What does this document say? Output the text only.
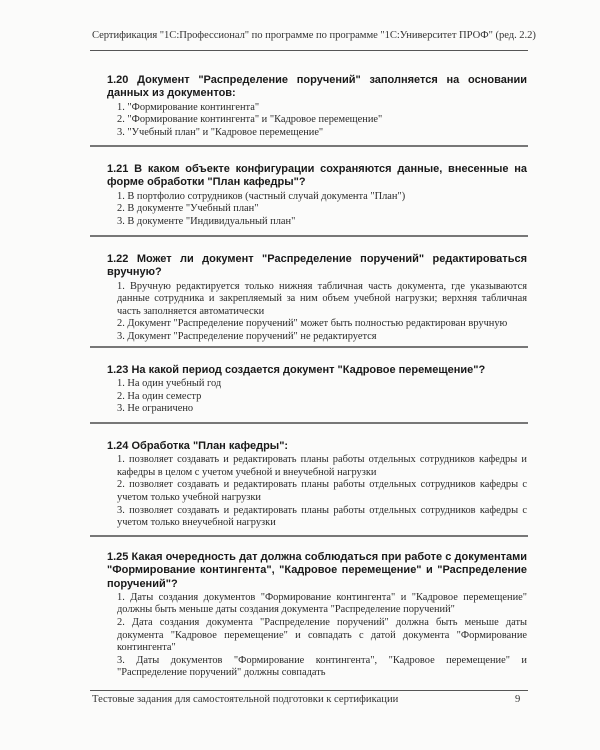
Сертификация "1С:Профессионал" по программе по программе "1С:Университет ПРОФ" (ред. 2.2)

1.20 Документ "Распределение поручений" заполняется на основании данных из документов:

1. "Формирование контингента"
2. "Формирование контингента" и "Кадровое перемещение"
3. "Учебный план" и "Кадровое перемещение"

1.21 В каком объекте конфигурации сохраняются данные, внесенные на форме обработки "План кафедры"?

1. В портфолио сотрудников (частный случай документа "План")
2. В документе "Учебный план"
3. В документе "Индивидуальный план"

1.22 Может ли документ "Распределение поручений" редактироваться вручную?

1. Вручную редактируется только нижняя табличная часть документа, где указываются данные сотрудника и закрепляемый за ним объем учебной нагрузки; верхняя табличная часть заполняется автоматически
2. Документ "Распределение поручений" может быть полностью редактирован вручную
3. Документ "Распределение поручений" не редактируется

1.23 На какой период создается документ "Кадровое перемещение"?

1. На один учебный год
2. На один семестр
3. Не ограничено

1.24 Обработка "План кафедры":

1. позволяет создавать и редактировать планы работы отдельных сотрудников кафедры и кафедры в целом с учетом учебной и внеучебной нагрузки
2. позволяет создавать и редактировать планы работы отдельных сотрудников кафедры с учетом только учебной нагрузки
3. позволяет создавать и редактировать планы работы отдельных сотрудников кафедры с учетом только внеучебной нагрузки

1.25 Какая очередность дат должна соблюдаться при работе с документами "Формирование контингента", "Кадровое перемещение" и "Распределение поручений"?

1. Даты создания документов "Формирование контингента" и "Кадровое перемещение" должны быть меньше даты создания документа "Распределение поручений"
2. Дата создания документа "Распределение поручений" должна быть меньше даты документа "Кадровое перемещение" и совпадать с датой документа "Формирование контингента"
3. Даты документов "Формирование контингента", "Кадровое перемещение" и "Распределение поручений" должны совпадать
Тестовые задания для самостоятельной подготовки к сертификации	9
